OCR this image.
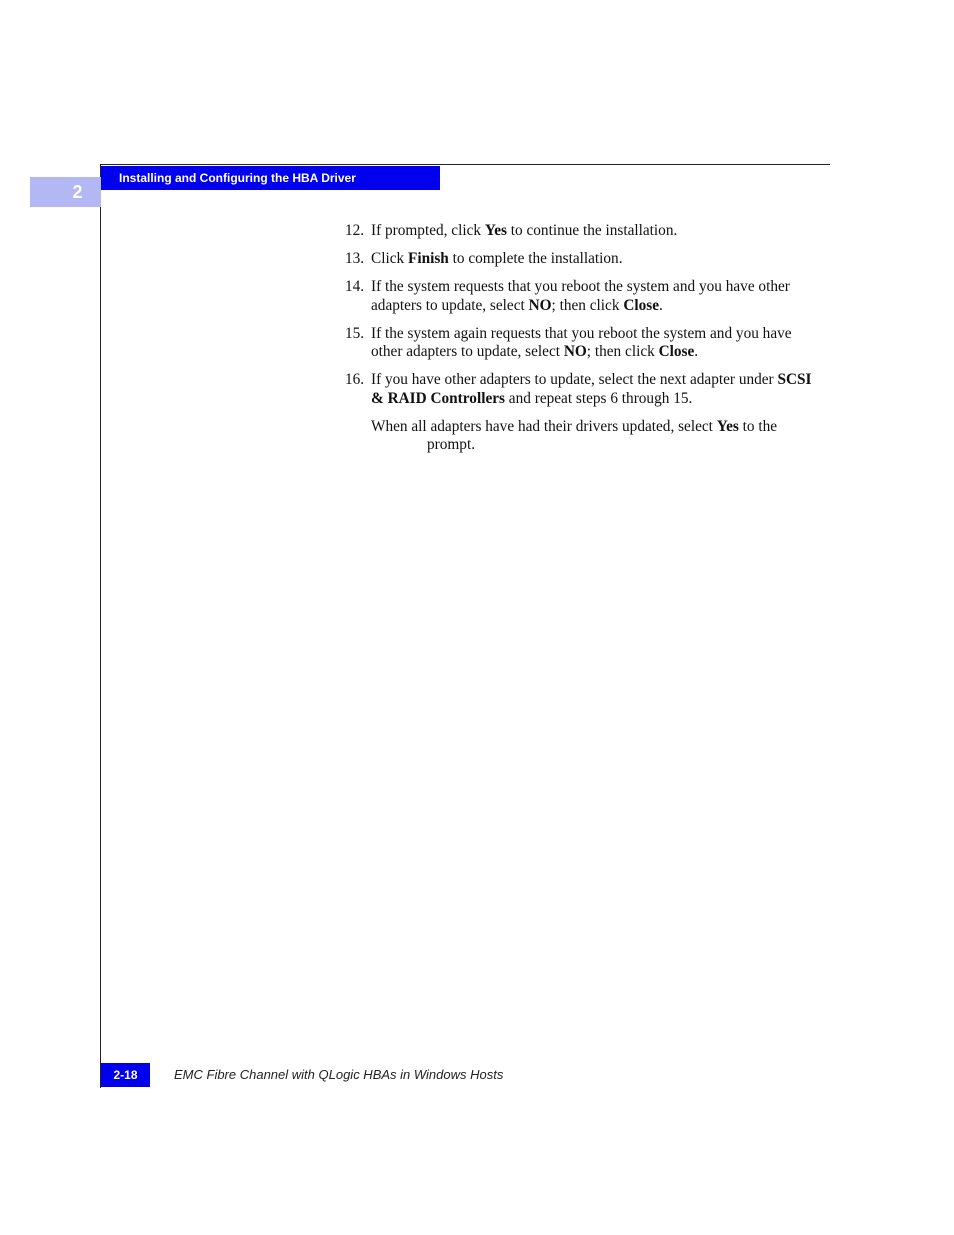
2
Installing and Configuring the HBA Driver
12. If prompted, click Yes to continue the installation.
13. Click Finish to complete the installation.
14. If the system requests that you reboot the system and you have other adapters to update, select NO; then click Close.
15. If the system again requests that you reboot the system and you have other adapters to update, select NO; then click Close.
16. If you have other adapters to update, select the next adapter under SCSI & RAID Controllers and repeat steps 6 through 15.
When all adapters have had their drivers updated, select Yes to theprompt.
2-18	EMC Fibre Channel with QLogic HBAs in Windows Hosts
